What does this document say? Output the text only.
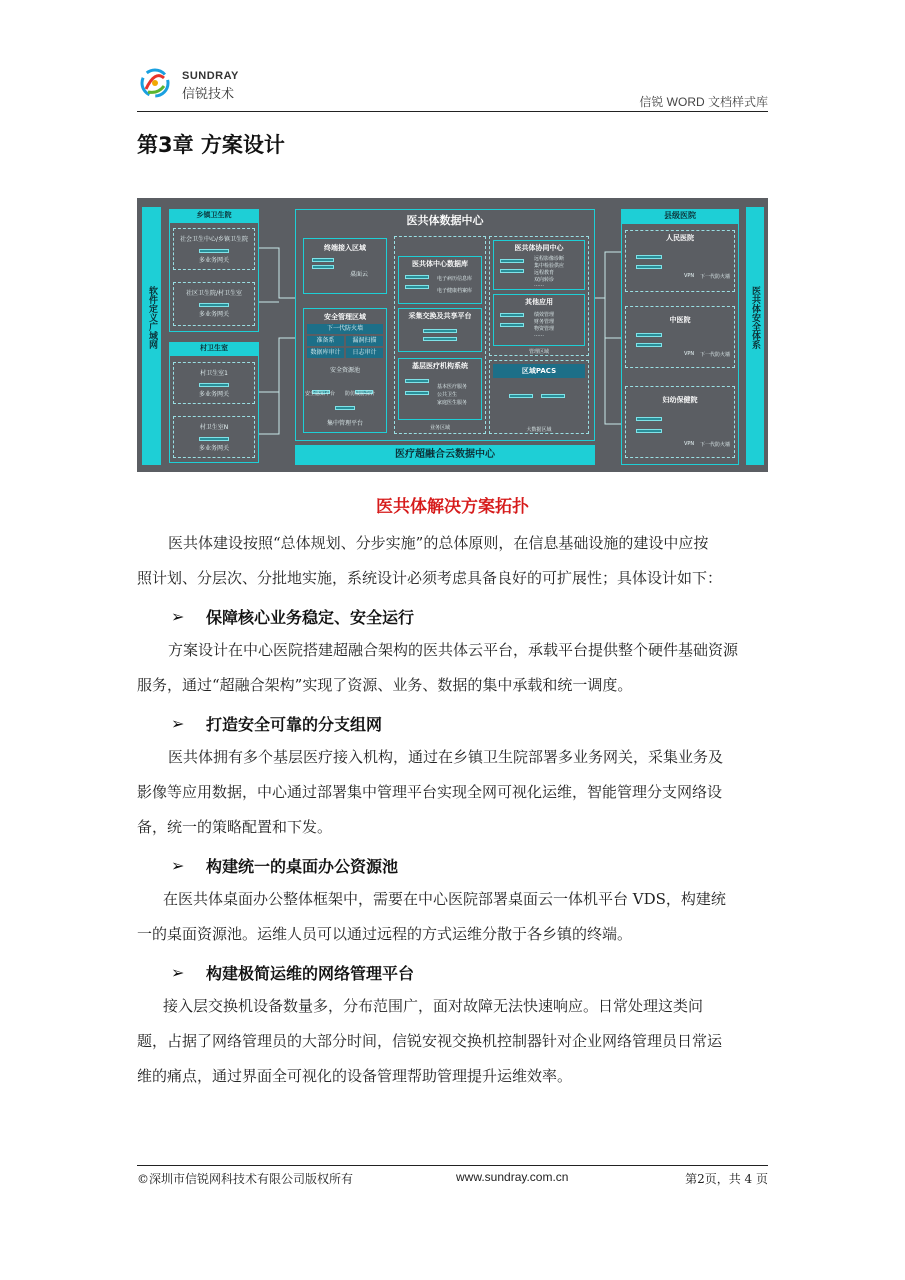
SUNDRAY
信锐技术
信锐 WORD 文档样式库
第3章 方案设计
软件定义广域网	医共体安全体系
乡镇卫生院
社会卫生中心/乡镇卫生院
多业务网关
社区卫生院/村卫生室
多业务网关
村卫生室
村卫生室1
多业务网关
村卫生室N
多业务网关
医共体数据中心
终端接入区域
桌面云
安全管理区域
下一代防火墙
准备系	漏洞扫描
数据库审计	日志审计
安全资源池

安全感知平台 防仿威胁探针
集中管理平台
业务区域
医共体中心数据库
电子病历信息库
电子健康档案库
采集交换及共享平台
基层医疗机构系统
基本医疗服务
公共卫生
家庭医生服务
管理区域
医共体协同中心
远程影像诊断
集中检验供应
远程教育
双向转诊
……
其他应用
绩效管理
财务管理
物资管理
……
区域PACS
大数据区域
医疗超融合云数据中心
县级医院
人民医院
VPN 下一代防火墙
中医院
VPN 下一代防火墙
妇幼保健院
VPN 下一代防火墙
医共体解决方案拓扑
医共体建设按照“总体规划、分步实施”的总体原则，在信息基础设施的建设中应按
照计划、分层次、分批地实施，系统设计必须考虑具备良好的可扩展性；具体设计如下：
➢ 保障核心业务稳定、安全运行
方案设计在中心医院搭建超融合架构的医共体云平台，承载平台提供整个硬件基础资源
服务，通过“超融合架构”实现了资源、业务、数据的集中承载和统一调度。
➢ 打造安全可靠的分支组网
医共体拥有多个基层医疗接入机构，通过在乡镇卫生院部署多业务网关，采集业务及
影像等应用数据，中心通过部署集中管理平台实现全网可视化运维，智能管理分支网络设
备，统一的策略配置和下发。
➢ 构建统一的桌面办公资源池
在医共体桌面办公整体框架中，需要在中心医院部署桌面云一体机平台 VDS，构建统
一的桌面资源池。运维人员可以通过远程的方式运维分散于各乡镇的终端。
➢ 构建极简运维的网络管理平台
接入层交换机设备数量多，分布范围广，面对故障无法快速响应。日常处理这类问
题，占据了网络管理员的大部分时间，信锐安视交换机控制器针对企业网络管理员日常运
维的痛点，通过界面全可视化的设备管理帮助管理提升运维效率。
©深圳市信锐网科技术有限公司版权所有	www.sundray.com.cn	第2页，共 4 页
